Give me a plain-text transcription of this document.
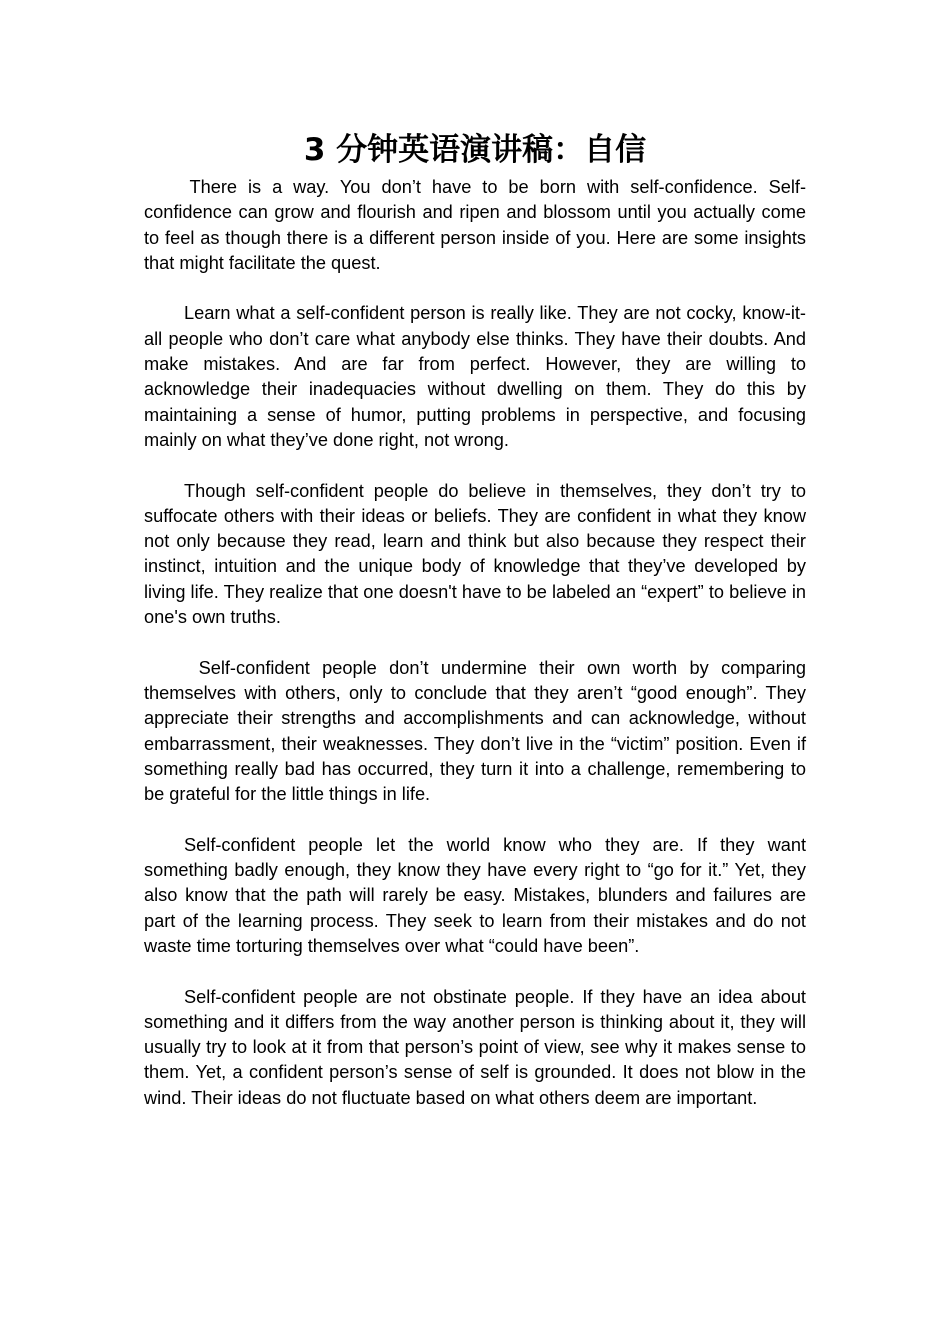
3 分钟英语演讲稿：自信

There is a way. You don’t have to be born with self-confidence. Self-confidence can grow and flourish and ripen and blossom until you actually come to feel as though there is a different person inside of you. Here are some insights that might facilitate the quest.

Learn what a self-confident person is really like. They are not cocky, know-it-all people who don’t care what anybody else thinks. They have their doubts. And make mistakes. And are far from perfect. However, they are willing to acknowledge their inadequacies without dwelling on them. They do this by maintaining a sense of humor, putting problems in perspective, and focusing mainly on what they’ve done right, not wrong.

Though self-confident people do believe in themselves, they don’t try to suffocate others with their ideas or beliefs. They are confident in what they know not only because they read, learn and think but also because they respect their instinct, intuition and the unique body of knowledge that they’ve developed by living life. They realize that one doesn't have to be labeled an “expert” to believe in one's own truths.

Self-confident people don’t undermine their own worth by comparing themselves with others, only to conclude that they aren’t “good enough”. They appreciate their strengths and accomplishments and can acknowledge, without embarrassment, their weaknesses. They don’t live in the “victim” position. Even if something really bad has occurred, they turn it into a challenge, remembering to be grateful for the little things in life.

Self-confident people let the world know who they are. If they want something badly enough, they know they have every right to “go for it.” Yet, they also know that the path will rarely be easy. Mistakes, blunders and failures are part of the learning process. They seek to learn from their mistakes and do not waste time torturing themselves over what “could have been”.

Self-confident people are not obstinate people. If they have an idea about something and it differs from the way another person is thinking about it, they will usually try to look at it from that person’s point of view, see why it makes sense to them. Yet, a confident person’s sense of self is grounded. It does not blow in the wind. Their ideas do not fluctuate based on what others deem are important.
